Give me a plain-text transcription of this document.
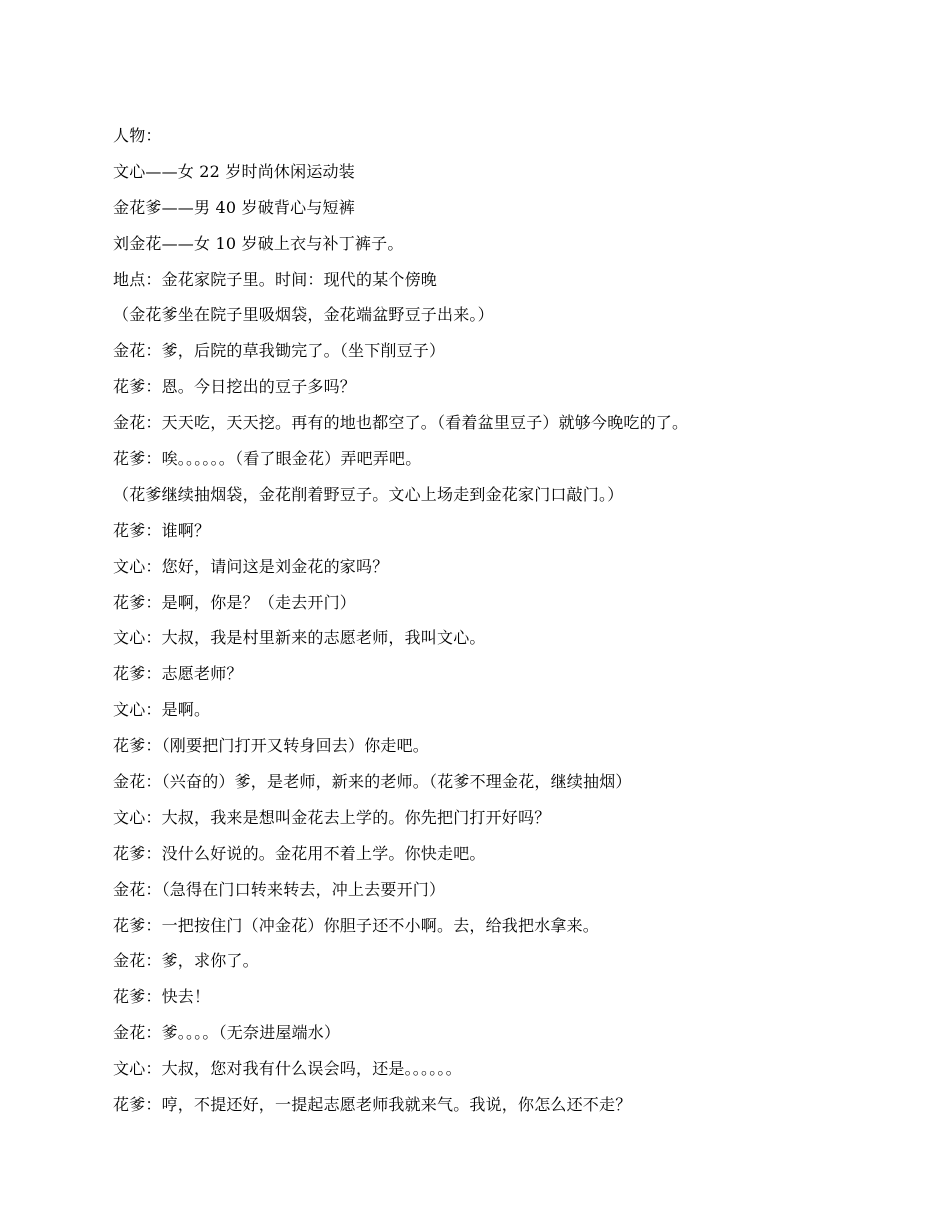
人物：
文心——女 22 岁时尚休闲运动装
金花爹——男 40 岁破背心与短裤
刘金花——女 10 岁破上衣与补丁裤子。
地点：金花家院子里。时间：现代的某个傍晚
（金花爹坐在院子里吸烟袋，金花端盆野豆子出来。）
金花：爹，后院的草我锄完了。（坐下削豆子）
花爹：恩。今日挖出的豆子多吗？
金花：天天吃，天天挖。再有的地也都空了。（看着盆里豆子）就够今晚吃的了。
花爹：唉。。。。。。（看了眼金花）弄吧弄吧。
（花爹继续抽烟袋，金花削着野豆子。文心上场走到金花家门口敲门。）
花爹：谁啊？
文心：您好，请问这是刘金花的家吗？
花爹：是啊，你是？（走去开门）
文心：大叔，我是村里新来的志愿老师，我叫文心。
花爹：志愿老师？
文心：是啊。
花爹：（刚要把门打开又转身回去）你走吧。
金花：（兴奋的）爹，是老师，新来的老师。（花爹不理金花，继续抽烟）
文心：大叔，我来是想叫金花去上学的。你先把门打开好吗？
花爹：没什么好说的。金花用不着上学。你快走吧。
金花：（急得在门口转来转去，冲上去要开门）
花爹：一把按住门（冲金花）你胆子还不小啊。去，给我把水拿来。
金花：爹，求你了。
花爹：快去！
金花：爹。。。。（无奈进屋端水）
文心：大叔，您对我有什么误会吗，还是。。。。。。
花爹：哼，不提还好，一提起志愿老师我就来气。我说，你怎么还不走？
